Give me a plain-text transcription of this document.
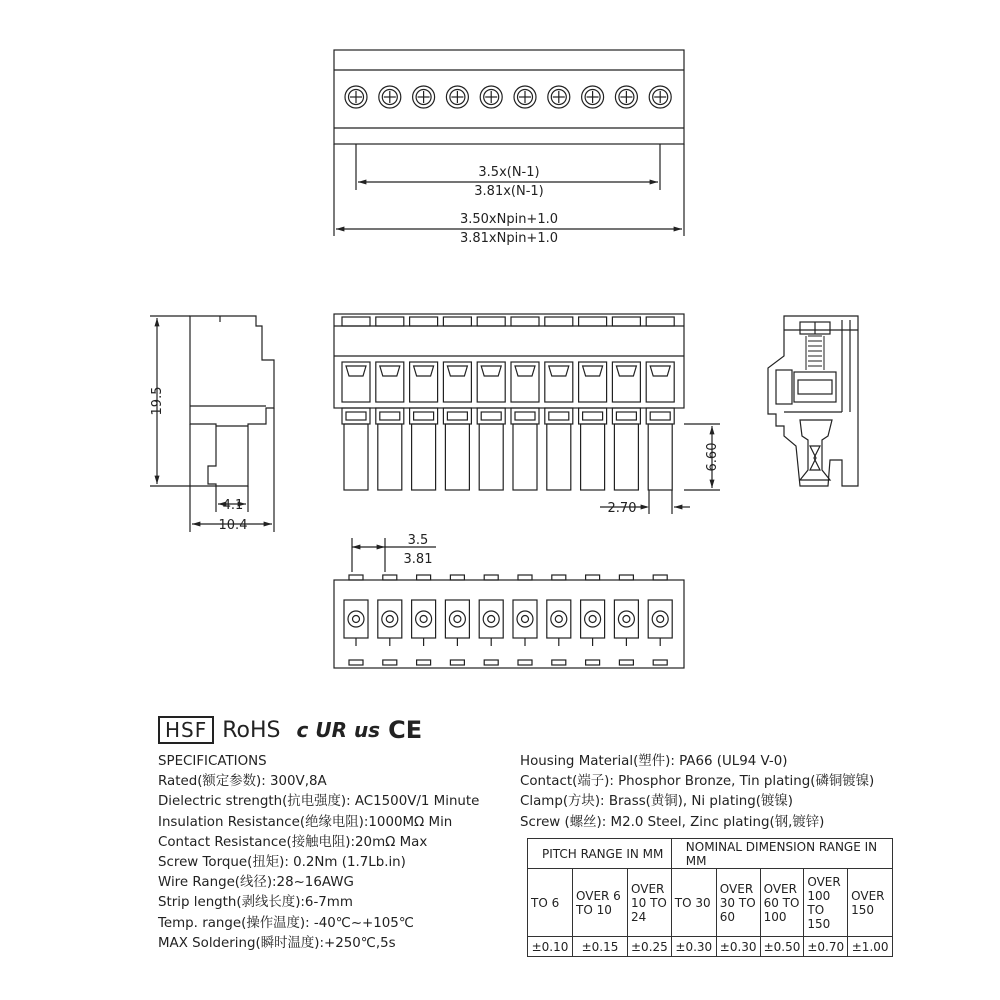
3.5x(N-1)
3.81x(N-1)
3.50xNpin+1.0
3.81xNpin+1.0
19.5
4.1
10.4
6.60
2.70
3.5
3.81
HSF RoHS c UR us CE
SPECIFICATIONS
Rated(额定参数): 300V,8A
Dielectric strength(抗电强度): AC1500V/1 Minute
Insulation Resistance(绝缘电阻):1000MΩ Min
Contact Resistance(接触电阻):20mΩ Max
Screw Torque(扭矩): 0.2Nm (1.7Lb.in)
Wire Range(线径):28~16AWG
Strip length(剥线长度):6-7mm
Temp. range(操作温度): -40℃~+105℃
MAX Soldering(瞬时温度):+250℃,5s
Housing Material(塑件): PA66 (UL94 V-0)
Contact(端子): Phosphor Bronze, Tin plating(磷铜镀镍)
Clamp(方块): Brass(黄铜), Ni plating(镀镍)
Screw (螺丝): M2.0 Steel, Zinc plating(钢,镀锌)
PITCH RANGE IN MM			NOMINAL DIMENSION RANGE IN MM				
TO 6	OVER 6 TO 10	OVER 10 TO 24	TO 30	OVER 30 TO 60	OVER 60 TO 100	OVER 100 TO 150	OVER 150
±0.10	±0.15	±0.25	±0.30	±0.30	±0.50	±0.70	±1.00
